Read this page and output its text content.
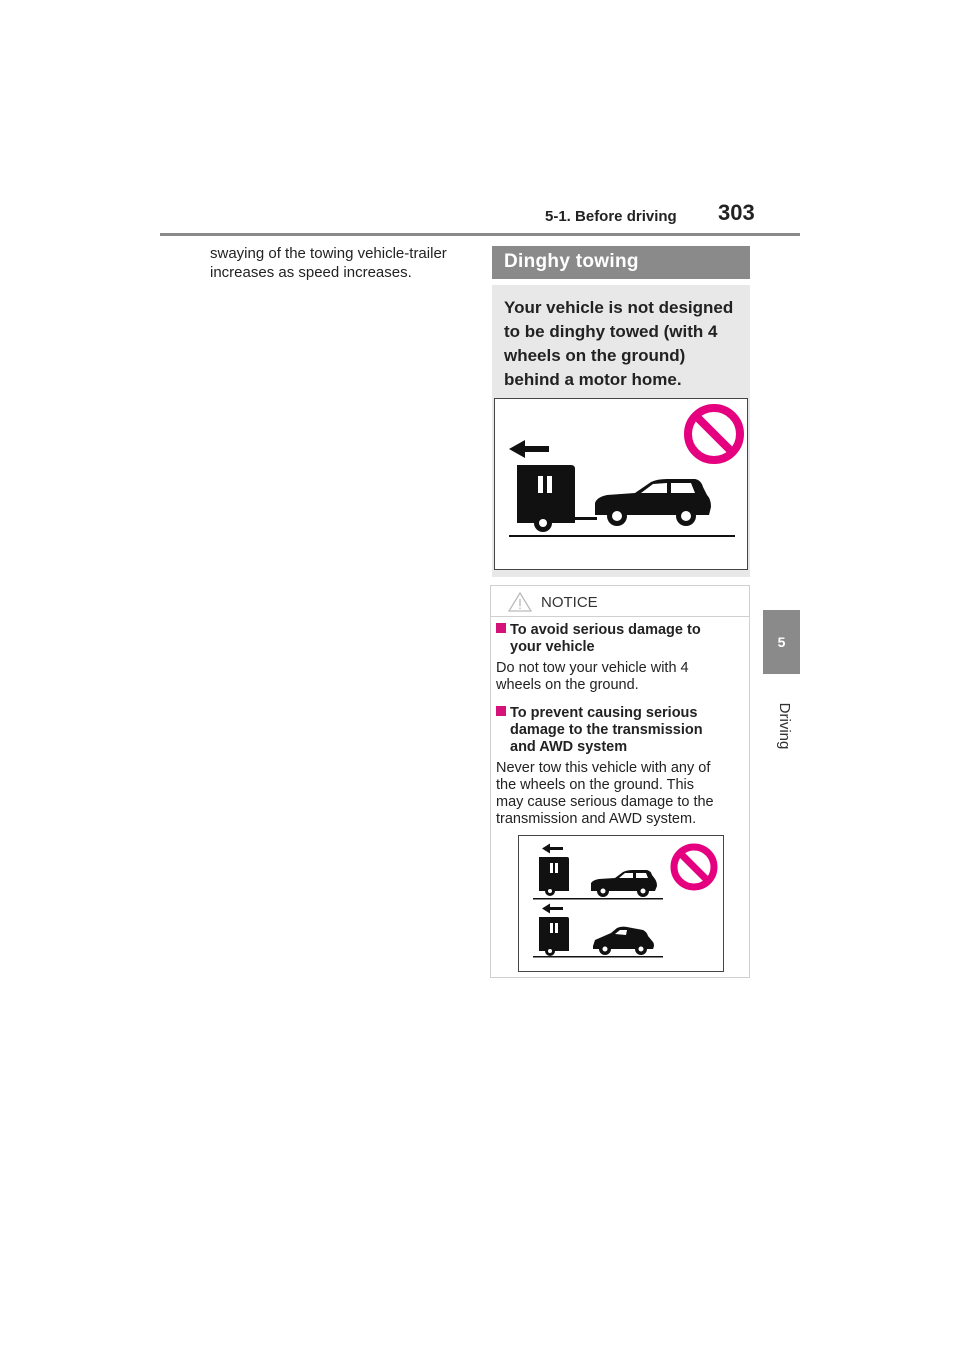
5-1. Before driving 303
5
Driving
swaying of the towing vehicle-trailer
increases as speed increases.
Dinghy towing
Your vehicle is not designed
to be dinghy towed (with 4
wheels on the ground)
behind a motor home.
NOTICE
To avoid serious damage to
your vehicle
Do not tow your vehicle with 4
wheels on the ground.
To prevent causing serious
damage to the transmission
and AWD system
Never tow this vehicle with any of
the wheels on the ground. This
may cause serious damage to the
transmission and AWD system.
